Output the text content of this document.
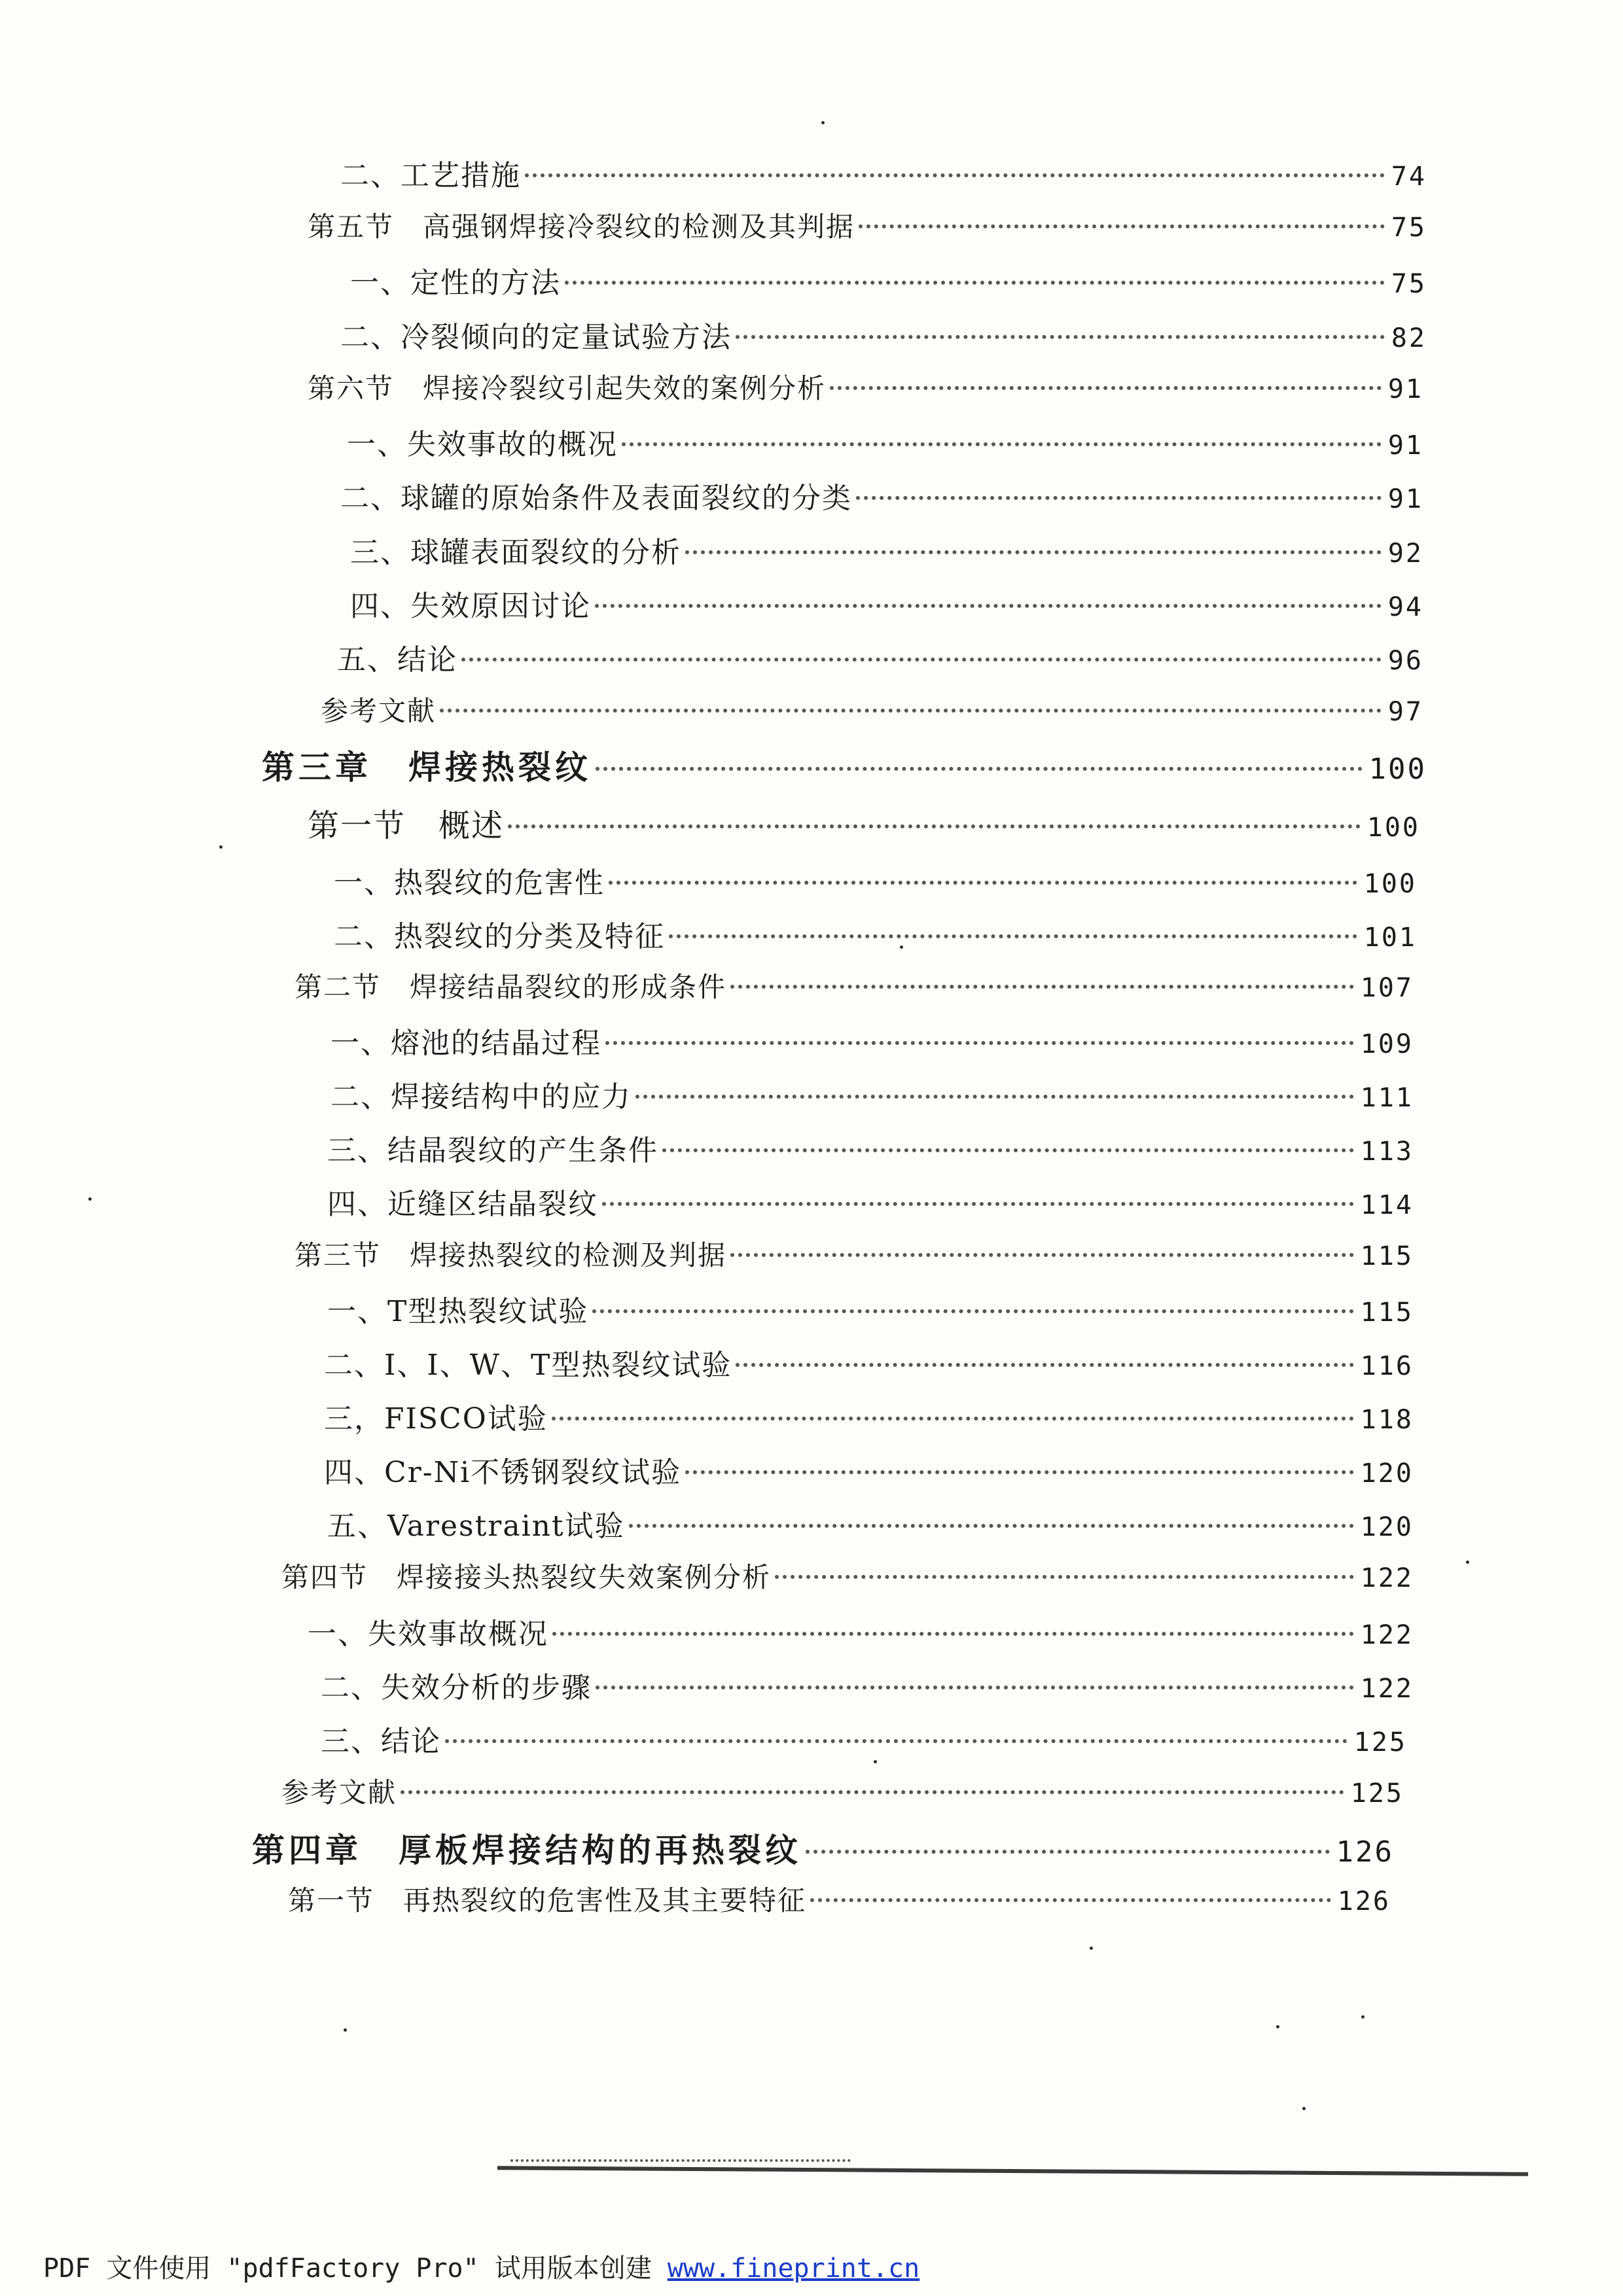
二、工艺措施	74
第五节　高强钢焊接冷裂纹的检测及其判据	75
一、定性的方法	75
二、冷裂倾向的定量试验方法	82
第六节　焊接冷裂纹引起失效的案例分析	91
一、失效事故的概况	91
二、球罐的原始条件及表面裂纹的分类	91
三、球罐表面裂纹的分析	92
四、失效原因讨论	94
五、结论	96
参考文献	97
第三章　焊接热裂纹	100
第一节　概述	100
一、热裂纹的危害性	100
二、热裂纹的分类及特征	101
第二节　焊接结晶裂纹的形成条件	107
一、熔池的结晶过程	109
二、焊接结构中的应力	111
三、结晶裂纹的产生条件	113
四、近缝区结晶裂纹	114
第三节　焊接热裂纹的检测及判据	115
一、T型热裂纹试验	115
二、I、I、W、T型热裂纹试验	116
三，FISCO试验	118
四、Cr-Ni不锈钢裂纹试验	120
五、Varestraint试验	120
第四节　焊接接头热裂纹失效案例分析	122
一、失效事故概况	122
二、失效分析的步骤	122
三、结论	125
参考文献	125
第四章　厚板焊接结构的再热裂纹	126
第一节　再热裂纹的危害性及其主要特征	126
PDF 文件使用 "pdfFactory Pro" 试用版本创建 www.fineprint.cn
